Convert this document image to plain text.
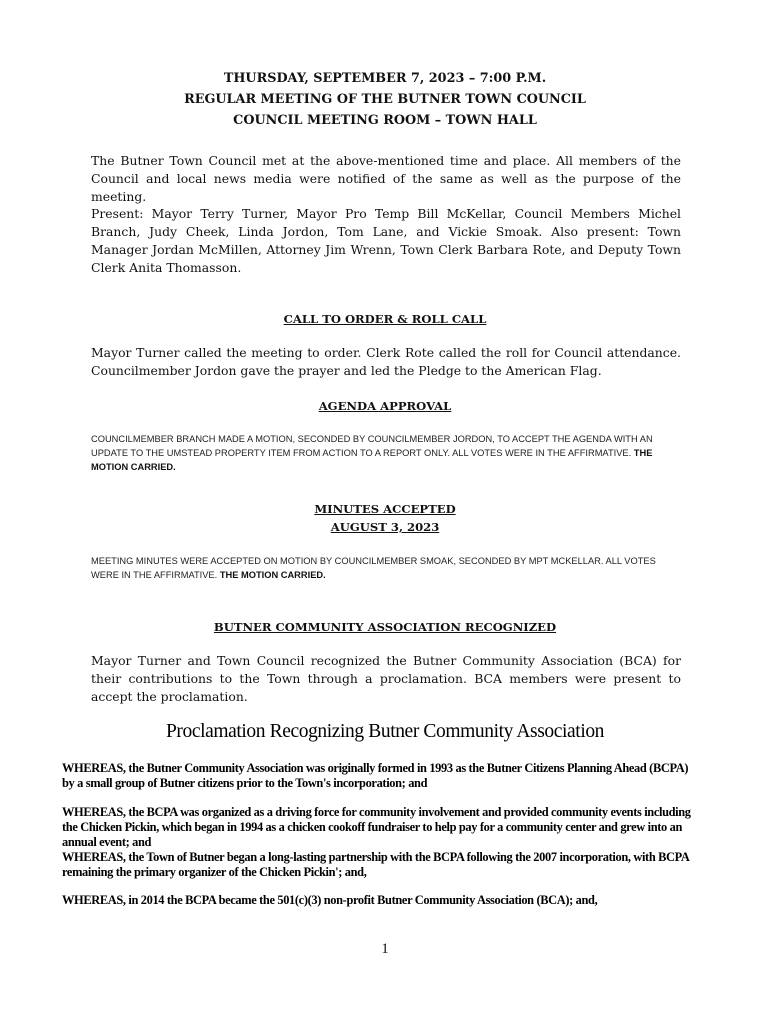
THURSDAY, SEPTEMBER 7, 2023 – 7:00 P.M.
REGULAR MEETING OF THE BUTNER TOWN COUNCIL
COUNCIL MEETING ROOM – TOWN HALL
The Butner Town Council met at the above-mentioned time and place. All members of the Council and local news media were notified of the same as well as the purpose of the meeting.
Present: Mayor Terry Turner, Mayor Pro Temp Bill McKellar, Council Members Michel Branch, Judy Cheek, Linda Jordon, Tom Lane, and Vickie Smoak. Also present: Town Manager Jordan McMillen, Attorney Jim Wrenn, Town Clerk Barbara Rote, and Deputy Town Clerk Anita Thomasson.
CALL TO ORDER & ROLL CALL
Mayor Turner called the meeting to order. Clerk Rote called the roll for Council attendance. Councilmember Jordon gave the prayer and led the Pledge to the American Flag.
AGENDA APPROVAL
COUNCILMEMBER BRANCH MADE A MOTION, SECONDED BY COUNCILMEMBER JORDON, TO ACCEPT THE AGENDA WITH AN UPDATE TO THE UMSTEAD PROPERTY ITEM FROM ACTION TO A REPORT ONLY. ALL VOTES WERE IN THE AFFIRMATIVE. THE MOTION CARRIED.
MINUTES ACCEPTED
AUGUST 3, 2023
MEETING MINUTES WERE ACCEPTED ON MOTION BY COUNCILMEMBER SMOAK, SECONDED BY MPT MCKELLAR. ALL VOTES WERE IN THE AFFIRMATIVE. THE MOTION CARRIED.
BUTNER COMMUNITY ASSOCIATION RECOGNIZED
Mayor Turner and Town Council recognized the Butner Community Association (BCA) for their contributions to the Town through a proclamation. BCA members were present to accept the proclamation.
Proclamation Recognizing Butner Community Association
WHEREAS, the Butner Community Association was originally formed in 1993 as the Butner Citizens Planning Ahead (BCPA) by a small group of Butner citizens prior to the Town's incorporation; and
WHEREAS, the BCPA was organized as a driving force for community involvement and provided community events including the Chicken Pickin, which began in 1994 as a chicken cookoff fundraiser to help pay for a community center and grew into an annual event; and
WHEREAS, the Town of Butner began a long-lasting partnership with the BCPA following the 2007 incorporation, with BCPA remaining the primary organizer of the Chicken Pickin'; and,
WHEREAS, in 2014 the BCPA became the 501(c)(3) non-profit Butner Community Association (BCA); and,
1
